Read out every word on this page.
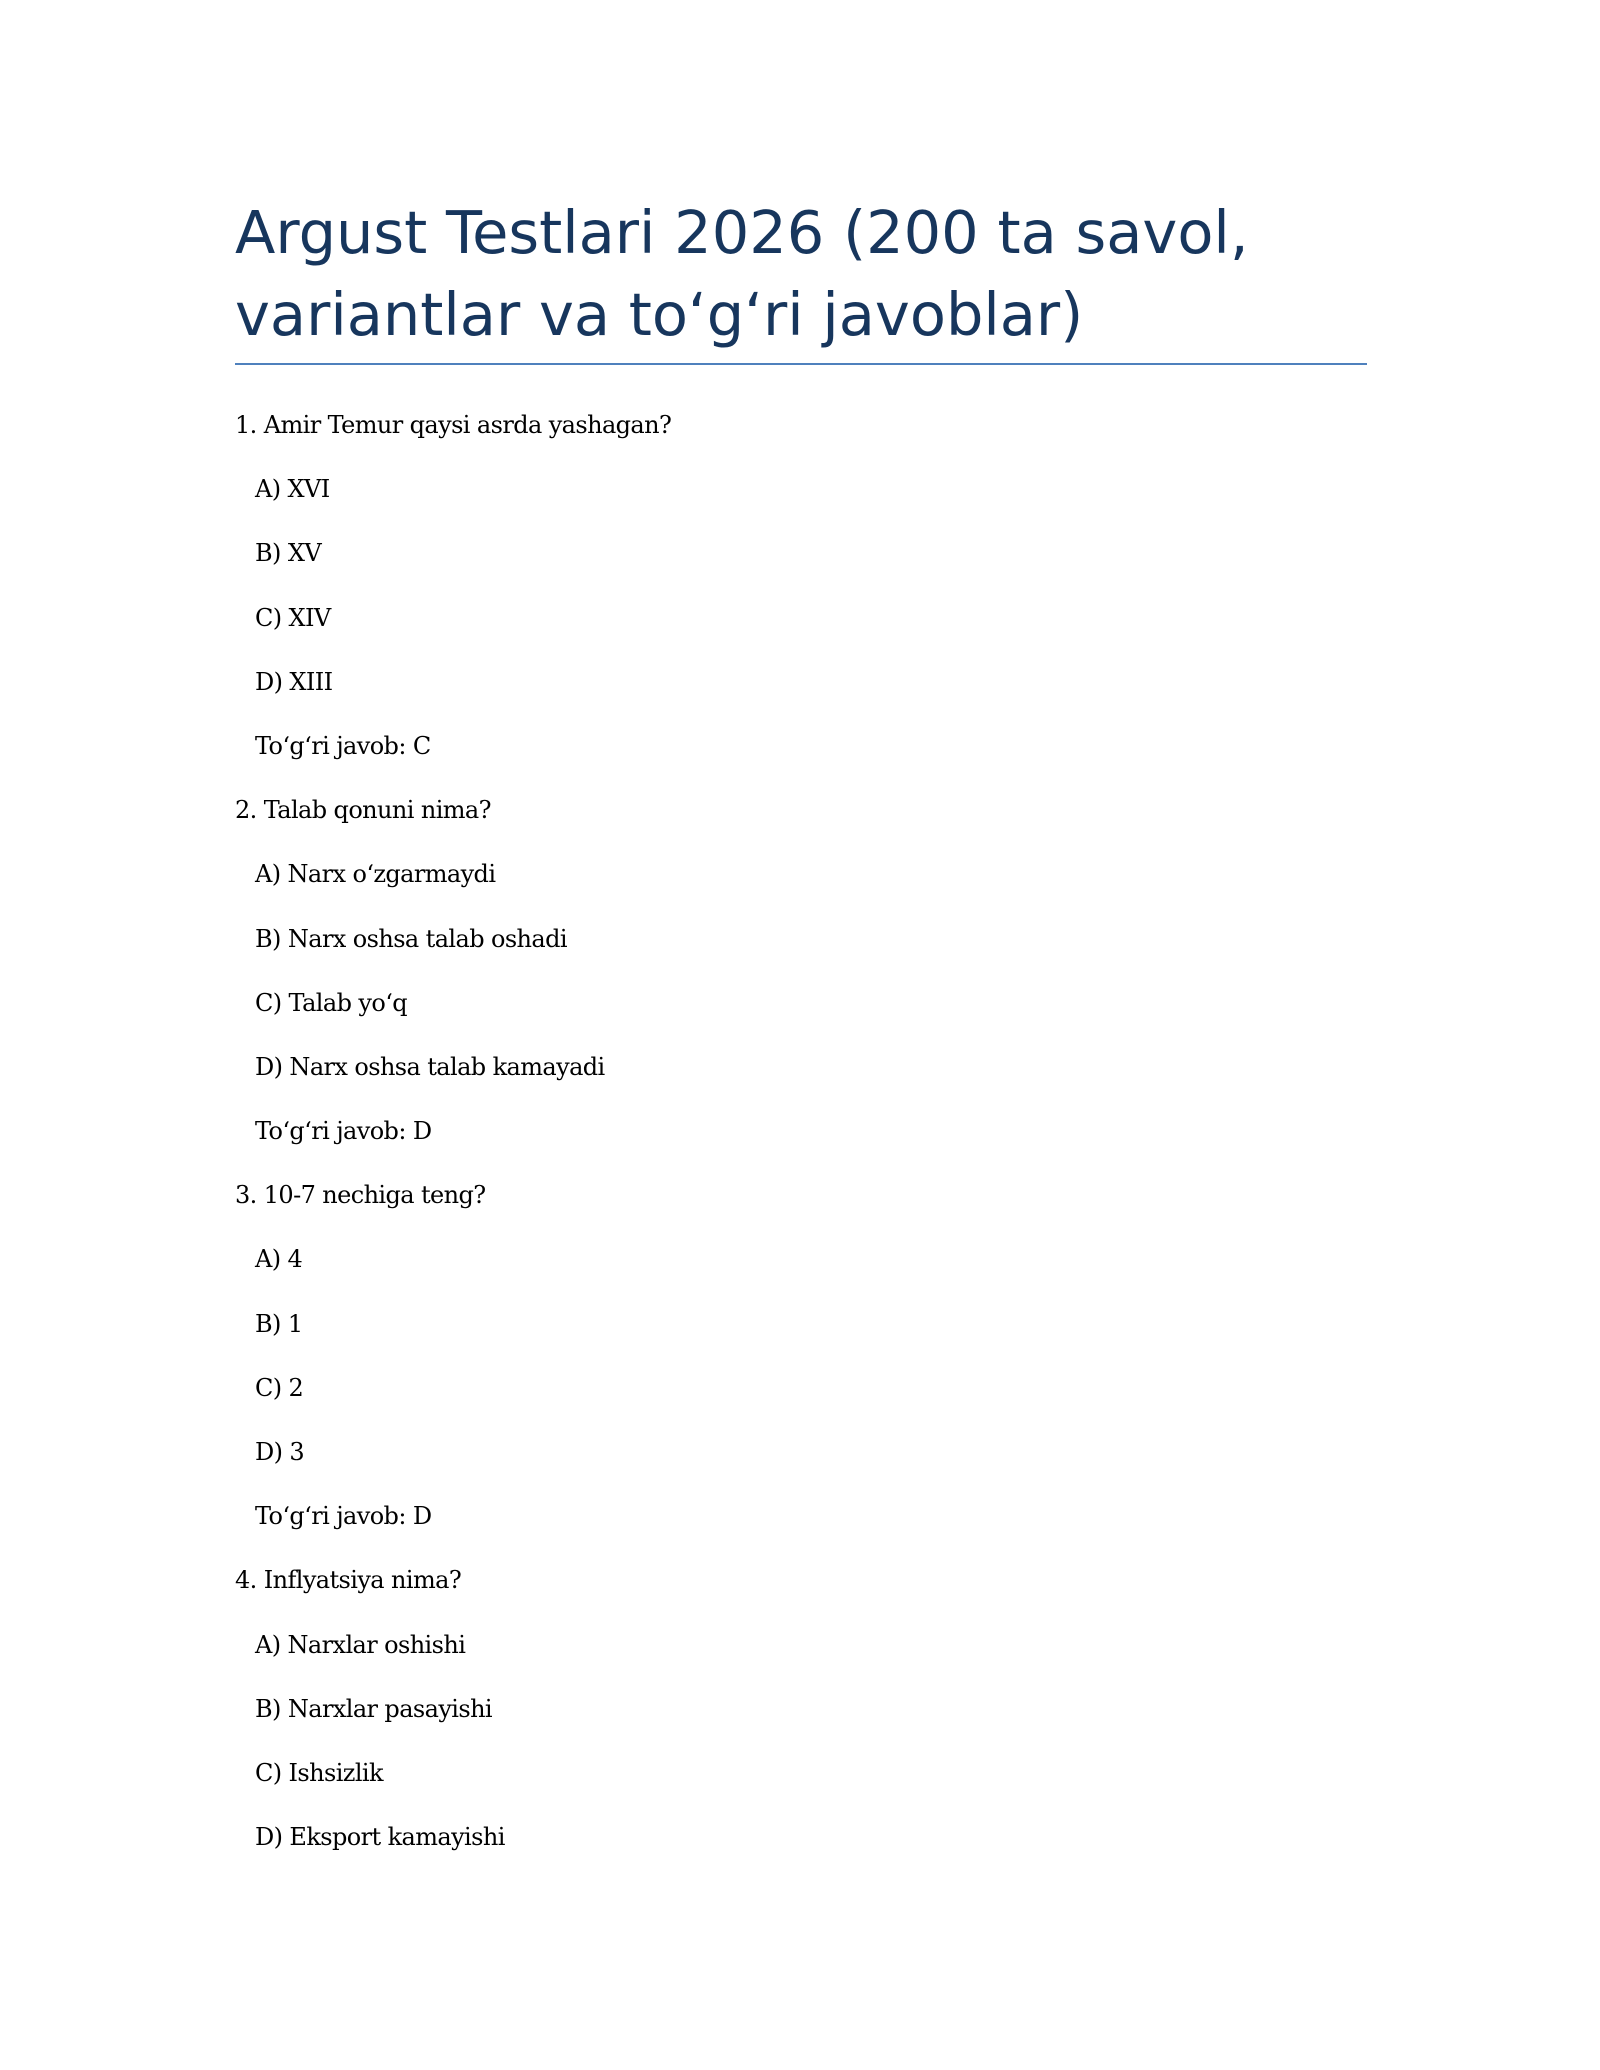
Argust Testlari 2026 (200 ta savol, variantlar va to‘g‘ri javoblar)
1. Amir Temur qaysi asrda yashagan?
A) XVI
B) XV
C) XIV
D) XIII
To‘g‘ri javob: C
2. Talab qonuni nima?
A) Narx o‘zgarmaydi
B) Narx oshsa talab oshadi
C) Talab yo‘q
D) Narx oshsa talab kamayadi
To‘g‘ri javob: D
3. 10-7 nechiga teng?
A) 4
B) 1
C) 2
D) 3
To‘g‘ri javob: D
4. Inflyatsiya nima?
A) Narxlar oshishi
B) Narxlar pasayishi
C) Ishsizlik
D) Eksport kamayishi
